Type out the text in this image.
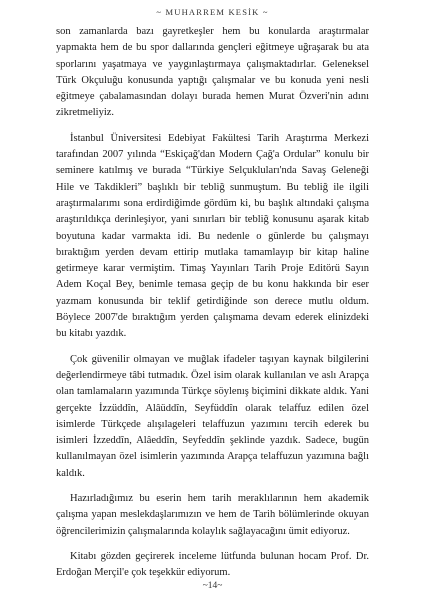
~ MUHARREM KESİK ~

son zamanlarda bazı gayretkeşler hem bu konularda araştırmalar yapmakta hem de bu spor dallarında gençleri eğitmeye uğraşarak bu ata sporlarını yaşatmaya ve yaygınlaştırmaya çalışmaktadırlar. Geleneksel Türk Okçuluğu konusunda yaptığı çalışmalar ve bu konuda yeni nesli eğitmeye çabalamasından dolayı burada hemen Murat Özveri'nin adını zikretmeliyiz.

İstanbul Üniversitesi Edebiyat Fakültesi Tarih Araştırma Merkezi tarafından 2007 yılında “Eskiçağ'dan Modern Çağ'a Ordular” konulu bir seminere katılmış ve burada “Türkiye Selçukluları'nda Savaş Geleneği Hile ve Takdikleri” başlıklı bir tebliğ sunmuştum. Bu tebliğ ile ilgili araştırmalarımı sona erdirdiğimde gördüm ki, bu başlık altındaki çalışma araştırıldıkça derinleşiyor, yani sınırları bir tebliğ konusunu aşarak kitab boyutuna kadar varmakta idi. Bu nedenle o günlerde bu çalışmayı bıraktığım yerden devam ettirip mutlaka tamamlayıp bir kitap haline getirmeye karar vermiştim. Timaş Yayınları Tarih Proje Editörü Sayın Adem Koçal Bey, benimle temasa geçip de bu konu hakkında bir eser yazmam konusunda bir teklif getirdiğinde son derece mutlu oldum. Böylece 2007'de bıraktığım yerden çalışmama devam ederek elinizdeki bu kitabı yazdık.

Çok güvenilir olmayan ve muğlak ifadeler taşıyan kaynak bilgilerini değerlendirmeye tâbi tutmadık. Özel isim olarak kullanılan ve aslı Arapça olan tamlamaların yazımında Türkçe söylenış biçimini dikkate aldık. Yani gerçekte İzzüddîn, Alâüddîn, Seyfüddîn olarak telaffuz edilen özel isimlerde Türkçede alışılageleri telaffuzun yazımını tercih ederek bu isimleri İzzeddîn, Alâeddîn, Seyfeddîn şeklinde yazdık. Sadece, bugün kullanılmayan özel isimlerin yazımında Arapça telaffuzun yazımına bağlı kaldık.

Hazırladığımız bu eserin hem tarih meraklılarının hem akademik çalışma yapan meslekdaşlarımızın ve hem de Tarih bölümlerinde okuyan öğrencilerimizin çalışmalarında kolaylık sağlayacağını ümit ediyoruz.

Kitabı gözden geçirerek inceleme lütfunda bulunan hocam Prof. Dr. Erdoğan Merçil'e çok teşekkür ediyorum.

~14~
